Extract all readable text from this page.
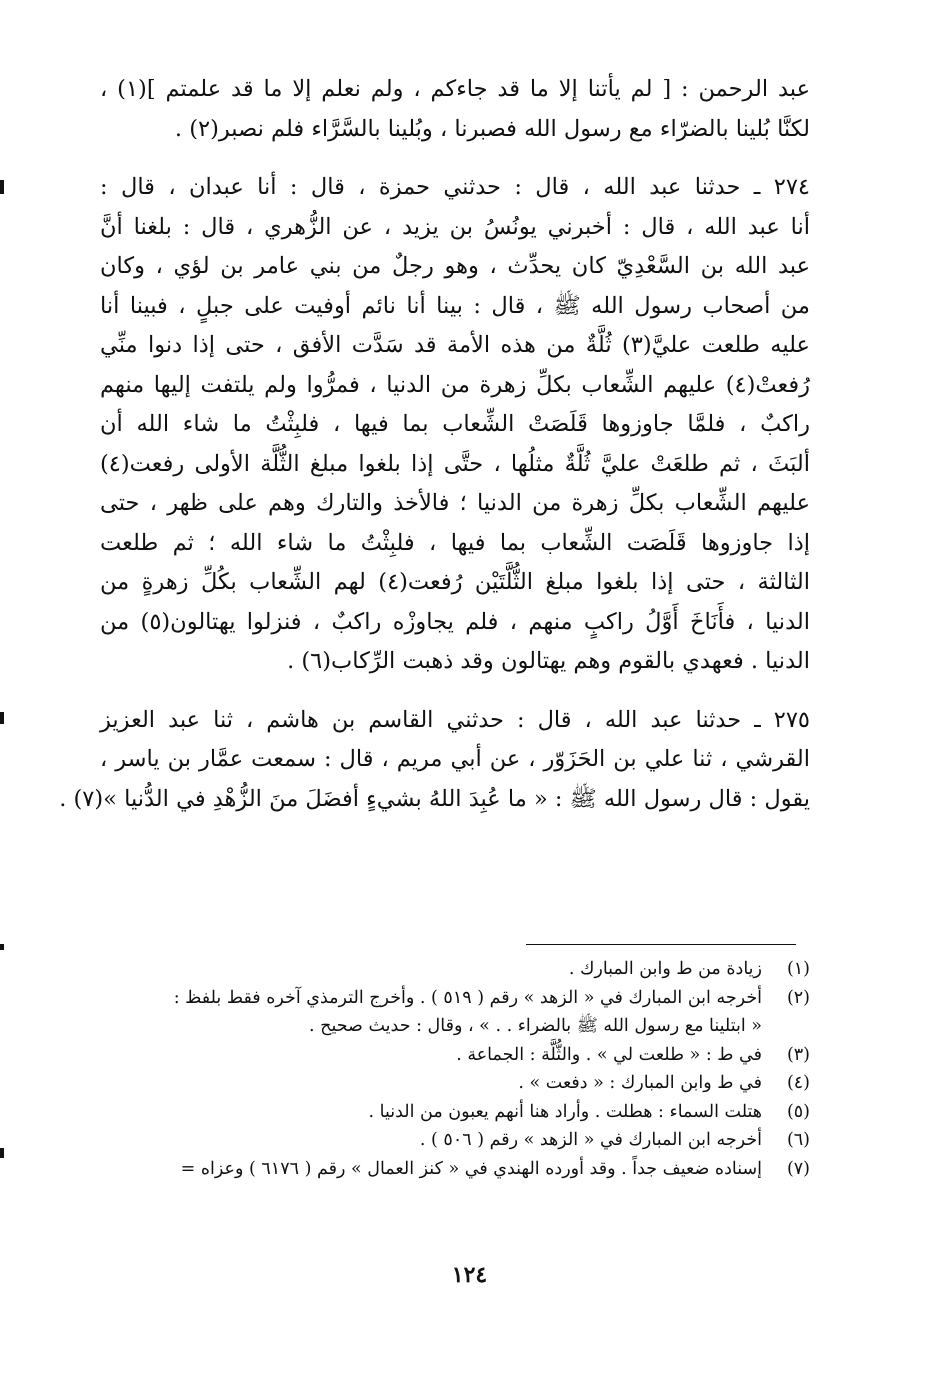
عبد الرحمن : [ لم يأتنا إلا ما قد جاءكم ، ولم نعلم إلا ما قد علمتم ](١) ،
لكنَّا بُلينا بالضرّاء مع رسول الله فصبرنا ، وبُلينا بالسَّرَّاء فلم نصبر(٢) .

٢٧٤ ـ حدثنا عبد الله ، قال : حدثني حمزة ، قال : أنا عبدان ، قال :
أنا عبد الله ، قال : أخبرني يونُسُ بن يزيد ، عن الزُّهري ، قال : بلغنا أنَّ
عبد الله بن السَّعْدِيّ كان يحدِّث ، وهو رجلٌ من بني عامر بن لؤي ، وكان
من أصحاب رسول الله ﷺ ، قال : بينا أنا نائم أوفيت على جبلٍ ، فبينا أنا
عليه طلعت عليَّ(٣) ثُلَّةٌ من هذه الأمة قد سَدَّت الأفق ، حتى إذا دنوا منِّي
رُفعتْ(٤) عليهم الشِّعاب بكلِّ زهرة من الدنيا ، فمرُّوا ولم يلتفت إليها منهم
راكبٌ ، فلمَّا جاوزوها قَلَصَتْ الشِّعاب بما فيها ، فلبِثْتُ ما شاء الله أن
ألبَثَ ، ثم طلعَتْ عليَّ ثُلَّةٌ مثلُها ، حتَّى إذا بلغوا مبلغ الثُّلَّة الأولى رفعت(٤)
عليهم الشِّعاب بكلِّ زهرة من الدنيا ؛ فالأخذ والتارك وهم على ظهر ، حتى
إذا جاوزوها قَلَصَت الشِّعاب بما فيها ، فلبِثْتُ ما شاء الله ؛ ثم طلعت
الثالثة ، حتى إذا بلغوا مبلغ الثُّلَّتَيْن رُفعت(٤) لهم الشِّعاب بكُلِّ زهرةٍ من
الدنيا ، فأَنَاخَ أَوَّلُ راكبٍ منهم ، فلم يجاوزْه راكبٌ ، فنزلوا يهتالون(٥) من
الدنيا . فعهدي بالقوم وهم يهتالون وقد ذهبت الرِّكاب(٦) .

٢٧٥ ـ حدثنا عبد الله ، قال : حدثني القاسم بن هاشم ، ثنا عبد العزيز
القرشي ، ثنا علي بن الحَزَوّر ، عن أبي مريم ، قال : سمعت عمَّار بن ياسر ،
يقول : قال رسول الله ﷺ : « ما عُبِدَ اللهُ بشيءٍ أفضَلَ منَ الزُّهْدِ في الدُّنيا »(٧) .

(١)
زيادة من ط وابن المبارك .
(٢)
أخرجه ابن المبارك في « الزهد » رقم ( ٥١٩ ) . وأخرج الترمذي آخره فقط بلفظ :
« ابتلينا مع رسول الله ﷺ بالضراء . . » ، وقال : حديث صحيح .
(٣)
في ط : « طلعت لي » . والثُّلَّة : الجماعة .
(٤)
في ط وابن المبارك : « دفعت » .
(٥)
هتلت السماء : هطلت . وأراد هنا أنهم يعبون من الدنيا .
(٦)
أخرجه ابن المبارك في « الزهد » رقم ( ٥٠٦ ) .
(٧)
إسناده ضعيف جداً . وقد أورده الهندي في « كنز العمال » رقم ( ٦١٧٦ ) وعزاه =
١٢٤
